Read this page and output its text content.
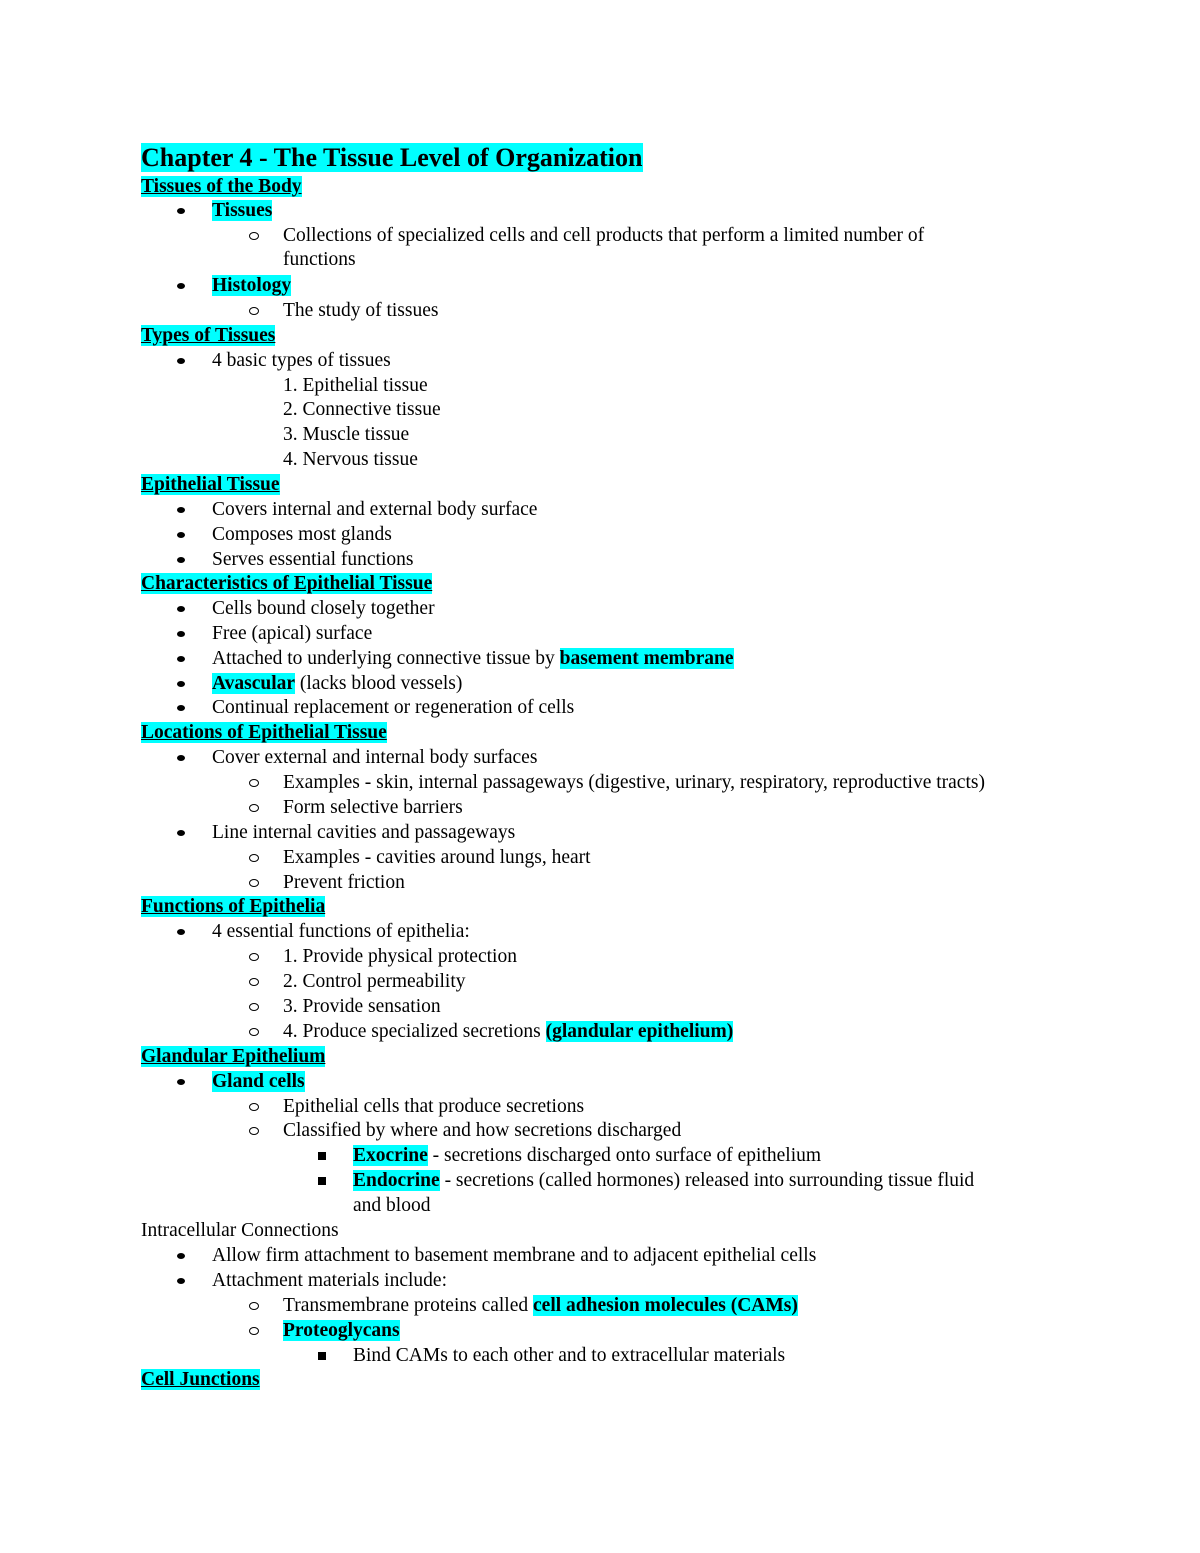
Chapter 4 - The Tissue Level of Organization
Tissues of the Body
Tissues
Collections of specialized cells and cell products that perform a limited number of
functions
Histology
The study of tissues
Types of Tissues
4 basic types of tissues
1. Epithelial tissue
2. Connective tissue
3. Muscle tissue
4. Nervous tissue
Epithelial Tissue
Covers internal and external body surface
Composes most glands
Serves essential functions
Characteristics of Epithelial Tissue
Cells bound closely together
Free (apical) surface
Attached to underlying connective tissue by basement membrane
Avascular (lacks blood vessels)
Continual replacement or regeneration of cells
Locations of Epithelial Tissue
Cover external and internal body surfaces
Examples - skin, internal passageways (digestive, urinary, respiratory, reproductive tracts)
Form selective barriers
Line internal cavities and passageways
Examples - cavities around lungs, heart
Prevent friction
Functions of Epithelia
4 essential functions of epithelia:
1. Provide physical protection
2. Control permeability
3. Provide sensation
4. Produce specialized secretions (glandular epithelium)
Glandular Epithelium
Gland cells
Epithelial cells that produce secretions
Classified by where and how secretions discharged
Exocrine - secretions discharged onto surface of epithelium
Endocrine - secretions (called hormones) released into surrounding tissue fluid
and blood
Intracellular Connections
Allow firm attachment to basement membrane and to adjacent epithelial cells
Attachment materials include:
Transmembrane proteins called cell adhesion molecules (CAMs)
Proteoglycans
Bind CAMs to each other and to extracellular materials
Cell Junctions
